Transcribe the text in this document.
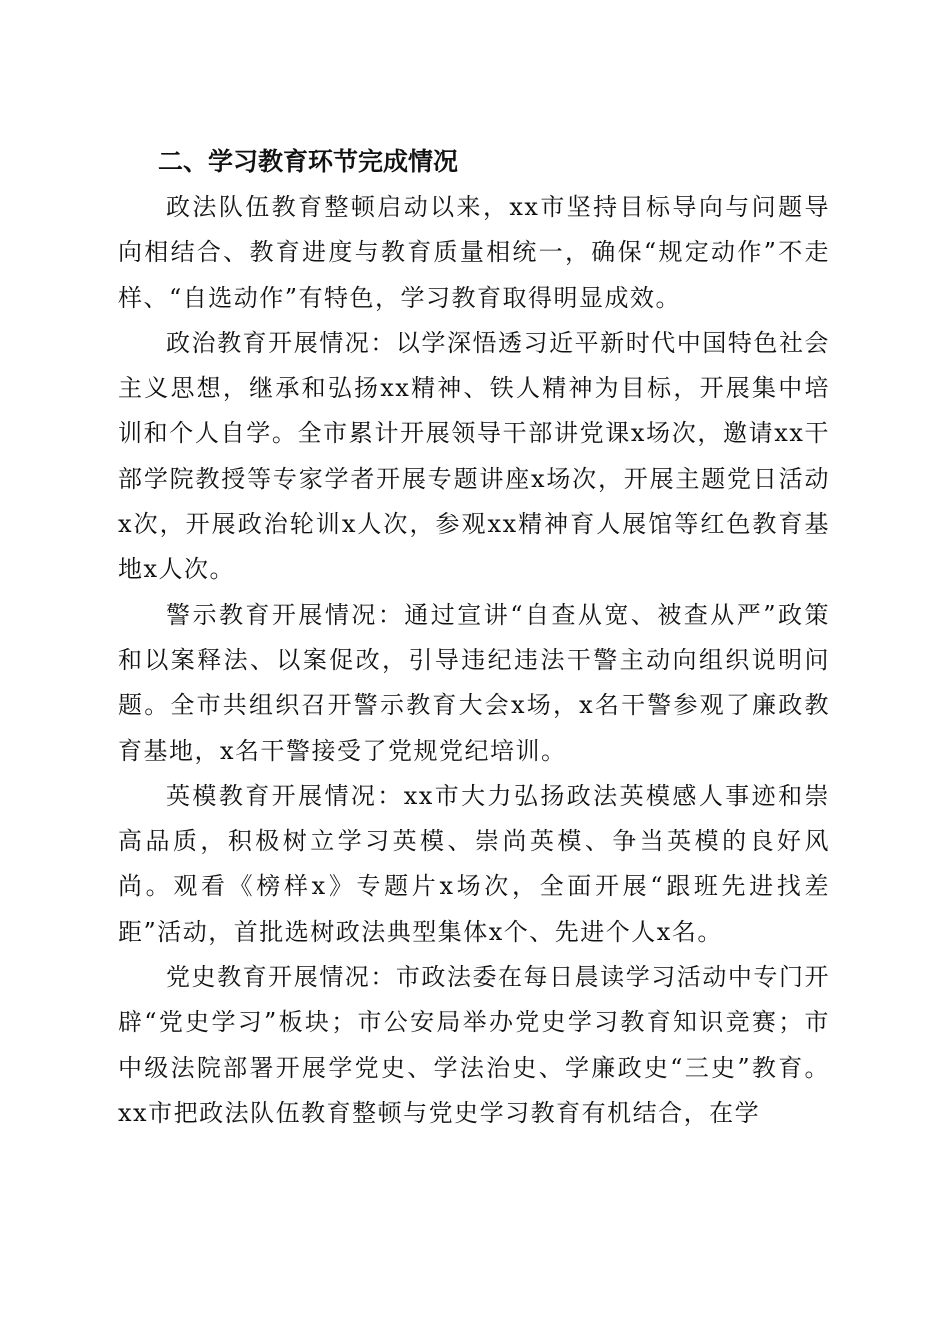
二、学习教育环节完成情况

政法队伍教育整顿启动以来，xx市坚持目标导向与问题导向相结合、教育进度与教育质量相统一，确保“规定动作”不走样、“自选动作”有特色，学习教育取得明显成效。

政治教育开展情况：以学深悟透习近平新时代中国特色社会主义思想，继承和弘扬xx精神、铁人精神为目标，开展集中培训和个人自学。全市累计开展领导干部讲党课x场次，邀请xx干部学院教授等专家学者开展专题讲座x场次，开展主题党日活动x次，开展政治轮训x人次，参观xx精神育人展馆等红色教育基地x人次。

警示教育开展情况：通过宣讲“自查从宽、被查从严”政策和以案释法、以案促改，引导违纪违法干警主动向组织说明问题。全市共组织召开警示教育大会x场，x名干警参观了廉政教育基地，x名干警接受了党规党纪培训。

英模教育开展情况：xx市大力弘扬政法英模感人事迹和崇高品质，积极树立学习英模、崇尚英模、争当英模的良好风尚。观看《榜样x》专题片x场次，全面开展“跟班先进找差距”活动，首批选树政法典型集体x个、先进个人x名。

党史教育开展情况：市政法委在每日晨读学习活动中专门开辟“党史学习”板块；市公安局举办党史学习教育知识竞赛；市中级法院部署开展学党史、学法治史、学廉政史“三史”教育。xx市把政法队伍教育整顿与党史学习教育有机结合，在学
